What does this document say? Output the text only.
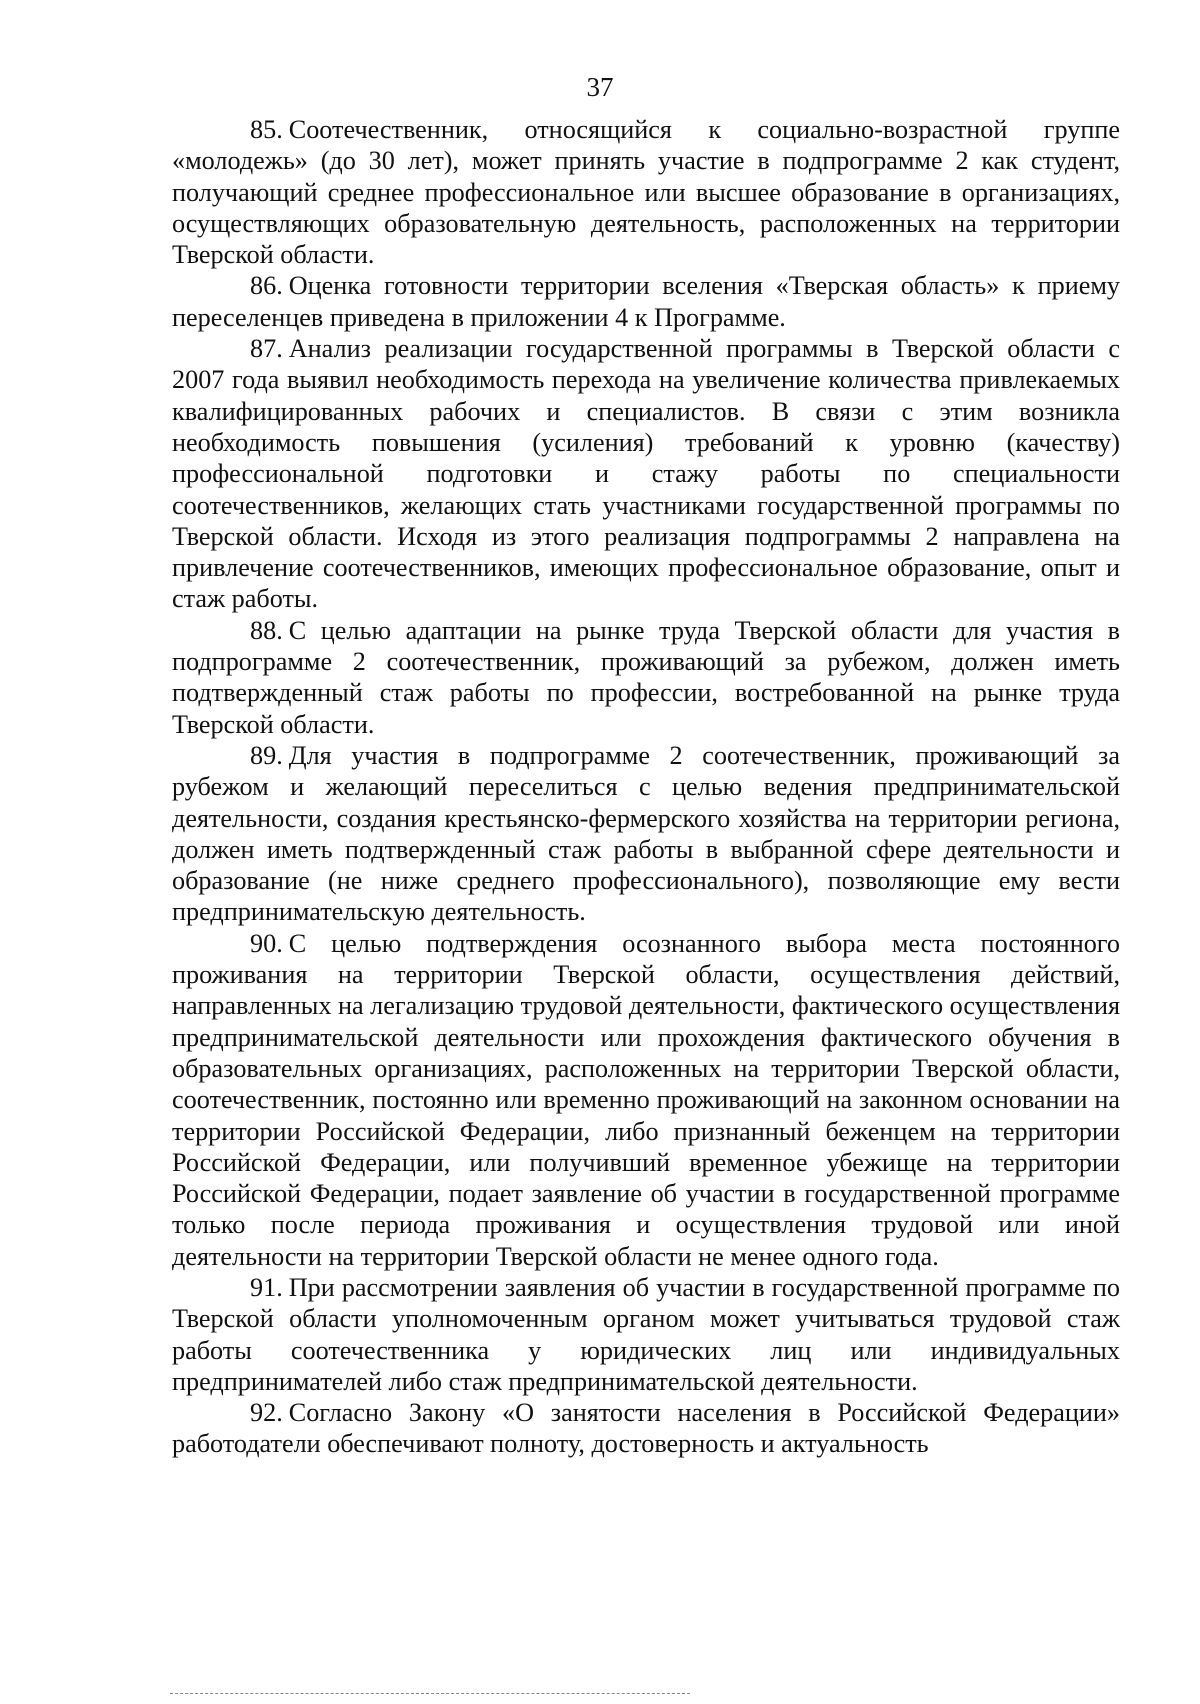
37

85. Соотечественник, относящийся к социально-возрастной группе «молодежь» (до 30 лет), может принять участие в подпрограмме 2 как студент, получающий среднее профессиональное или высшее образование в организациях, осуществляющих образовательную деятельность, расположенных на территории Тверской области.

86. Оценка готовности территории вселения «Тверская область» к приему переселенцев приведена в приложении 4 к Программе.

87. Анализ реализации государственной программы в Тверской области с 2007 года выявил необходимость перехода на увеличение количества привлекаемых квалифицированных рабочих и специалистов. В связи с этим возникла необходимость повышения (усиления) требований к уровню (качеству) профессиональной подготовки и стажу работы по специальности соотечественников, желающих стать участниками государственной программы по Тверской области. Исходя из этого реализация подпрограммы 2 направлена на привлечение соотечественников, имеющих профессиональное образование, опыт и стаж работы.

88. С целью адаптации на рынке труда Тверской области для участия в подпрограмме 2 соотечественник, проживающий за рубежом, должен иметь подтвержденный стаж работы по профессии, востребованной на рынке труда Тверской области.

89. Для участия в подпрограмме 2 соотечественник, проживающий за рубежом и желающий переселиться с целью ведения предпринимательской деятельности, создания крестьянско-фермерского хозяйства на территории региона, должен иметь подтвержденный стаж работы в выбранной сфере деятельности и образование (не ниже среднего профессионального), позволяющие ему вести предпринимательскую деятельность.

90. С целью подтверждения осознанного выбора места постоянного проживания на территории Тверской области, осуществления действий, направленных на легализацию трудовой деятельности, фактического осуществления предпринимательской деятельности или прохождения фактического обучения в образовательных организациях, расположенных на территории Тверской области, соотечественник, постоянно или временно проживающий на законном основании на территории Российской Федерации, либо признанный беженцем на территории Российской Федерации, или получивший временное убежище на территории Российской Федерации, подает заявление об участии в государственной программе только после периода проживания и осуществления трудовой или иной деятельности на территории Тверской области не менее одного года.

91. При рассмотрении заявления об участии в государственной программе по Тверской области уполномоченным органом может учитываться трудовой стаж работы соотечественника у юридических лиц или индивидуальных предпринимателей либо стаж предпринимательской деятельности.

92. Согласно Закону «О занятости населения в Российской Федерации» работодатели обеспечивают полноту, достоверность и актуальность
